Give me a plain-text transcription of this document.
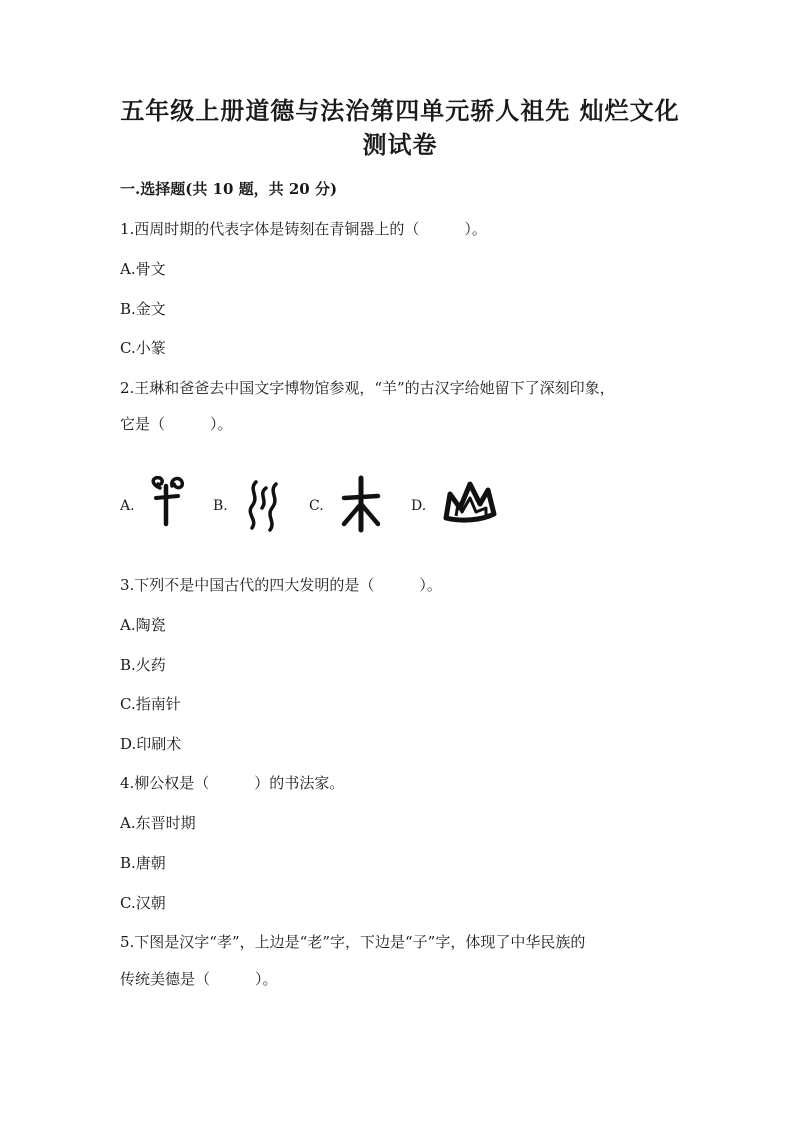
五年级上册道德与法治第四单元骄人祖先 灿烂文化
测试卷
一.选择题(共 10 题，共 20 分)
1.西周时期的代表字体是铸刻在青铜器上的（　　　）。
A.骨文
B.金文
C.小篆
2.王琳和爸爸去中国文字博物馆参观，“羊”的古汉字给她留下了深刻印象，
它是（　　　）。
A.	B.	C.	D.
3.下列不是中国古代的四大发明的是（　　　）。
A.陶瓷
B.火药
C.指南针
D.印刷术
4.柳公权是（　　　）的书法家。
A.东晋时期
B.唐朝
C.汉朝
5.下图是汉字“孝”，上边是“老”字，下边是“子”字，体现了中华民族的
传统美德是（　　　）。
